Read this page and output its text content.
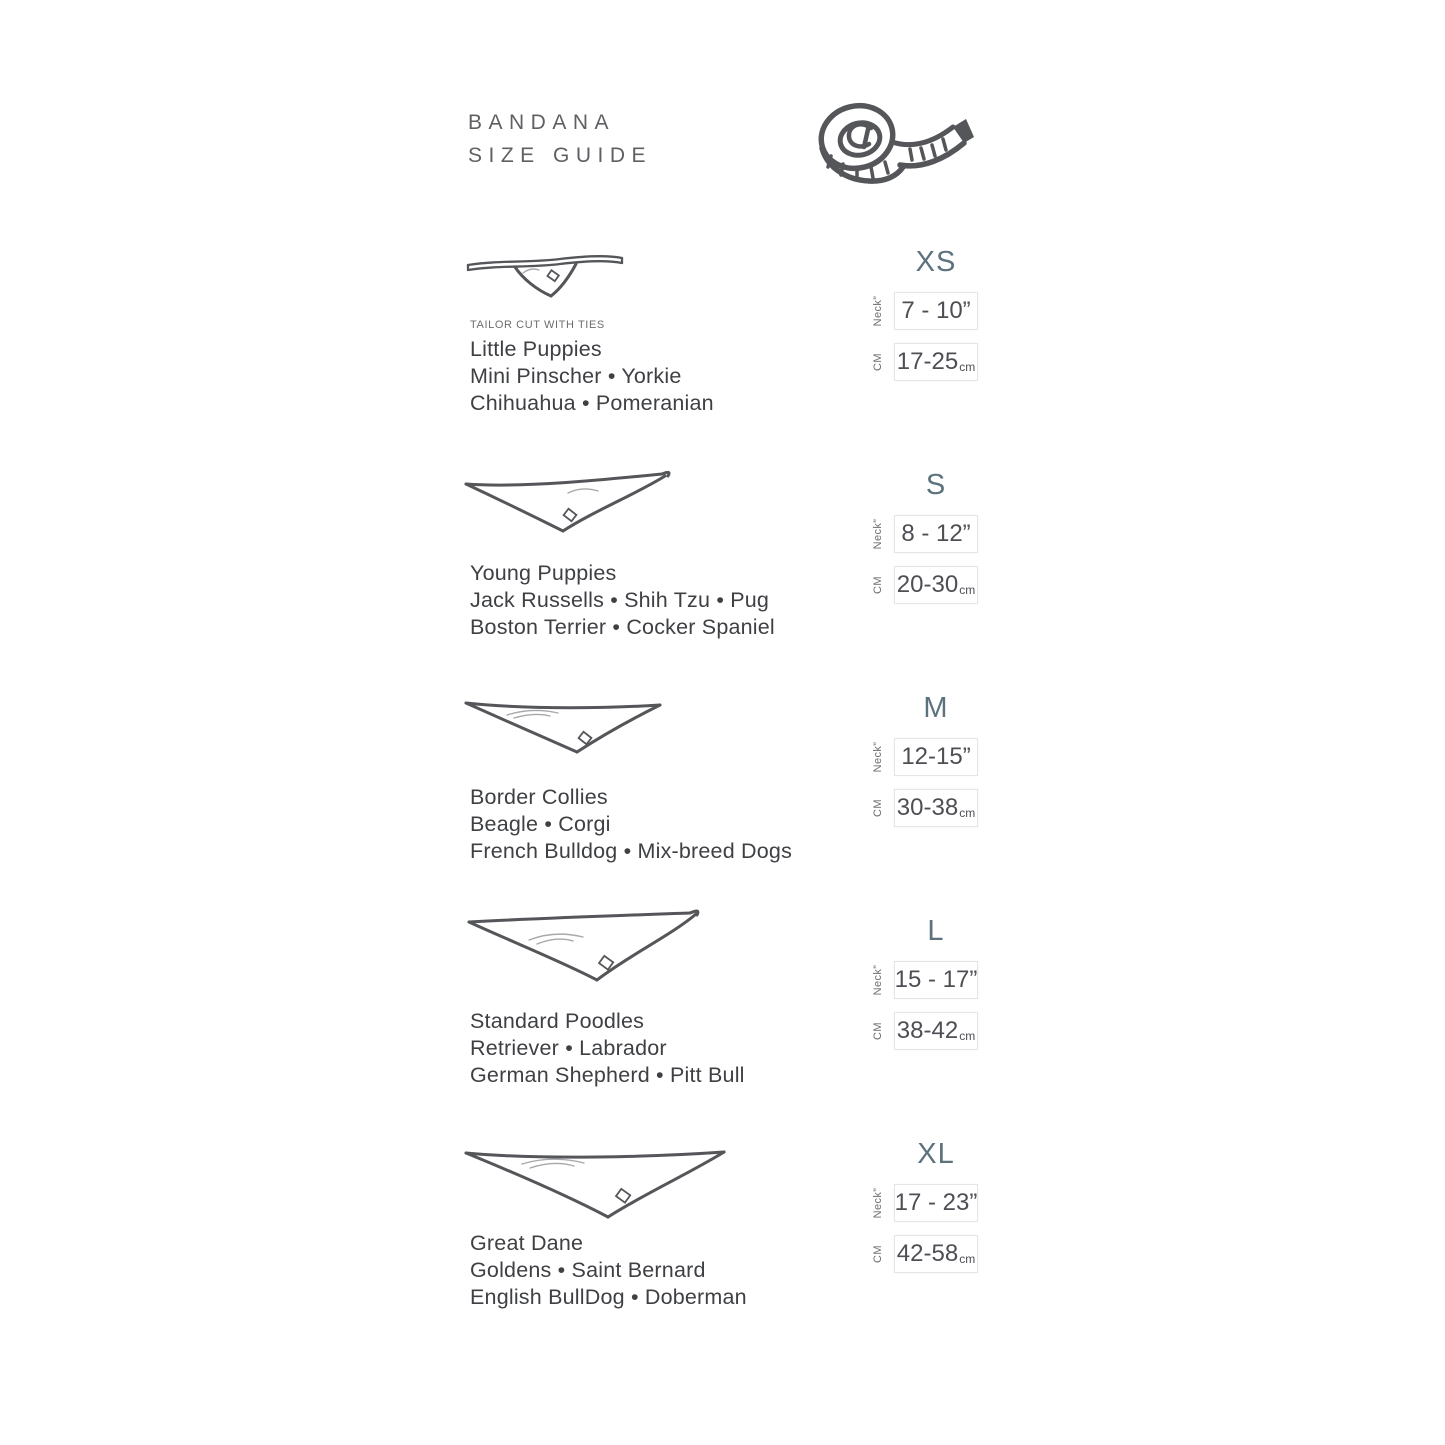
BANDANA
SIZE GUIDE
TAILOR CUT WITH TIES
Little Puppies
Mini Pinscher • Yorkie
Chihuahua • Pomeranian
XS
Neck” 7 - 10”
CM 17-25 cm
Young Puppies
Jack Russells • Shih Tzu • Pug
Boston Terrier • Cocker Spaniel
S
Neck” 8 - 12”
CM 20-30 cm
Border Collies
Beagle • Corgi
French Bulldog • Mix-breed Dogs
M
Neck” 12-15”
CM 30-38 cm
Standard Poodles
Retriever • Labrador
German Shepherd • Pitt Bull
L
Neck” 15 - 17”
CM 38-42 cm
Great Dane
Goldens • Saint Bernard
English BullDog • Doberman
XL
Neck” 17 - 23”
CM 42-58 cm
